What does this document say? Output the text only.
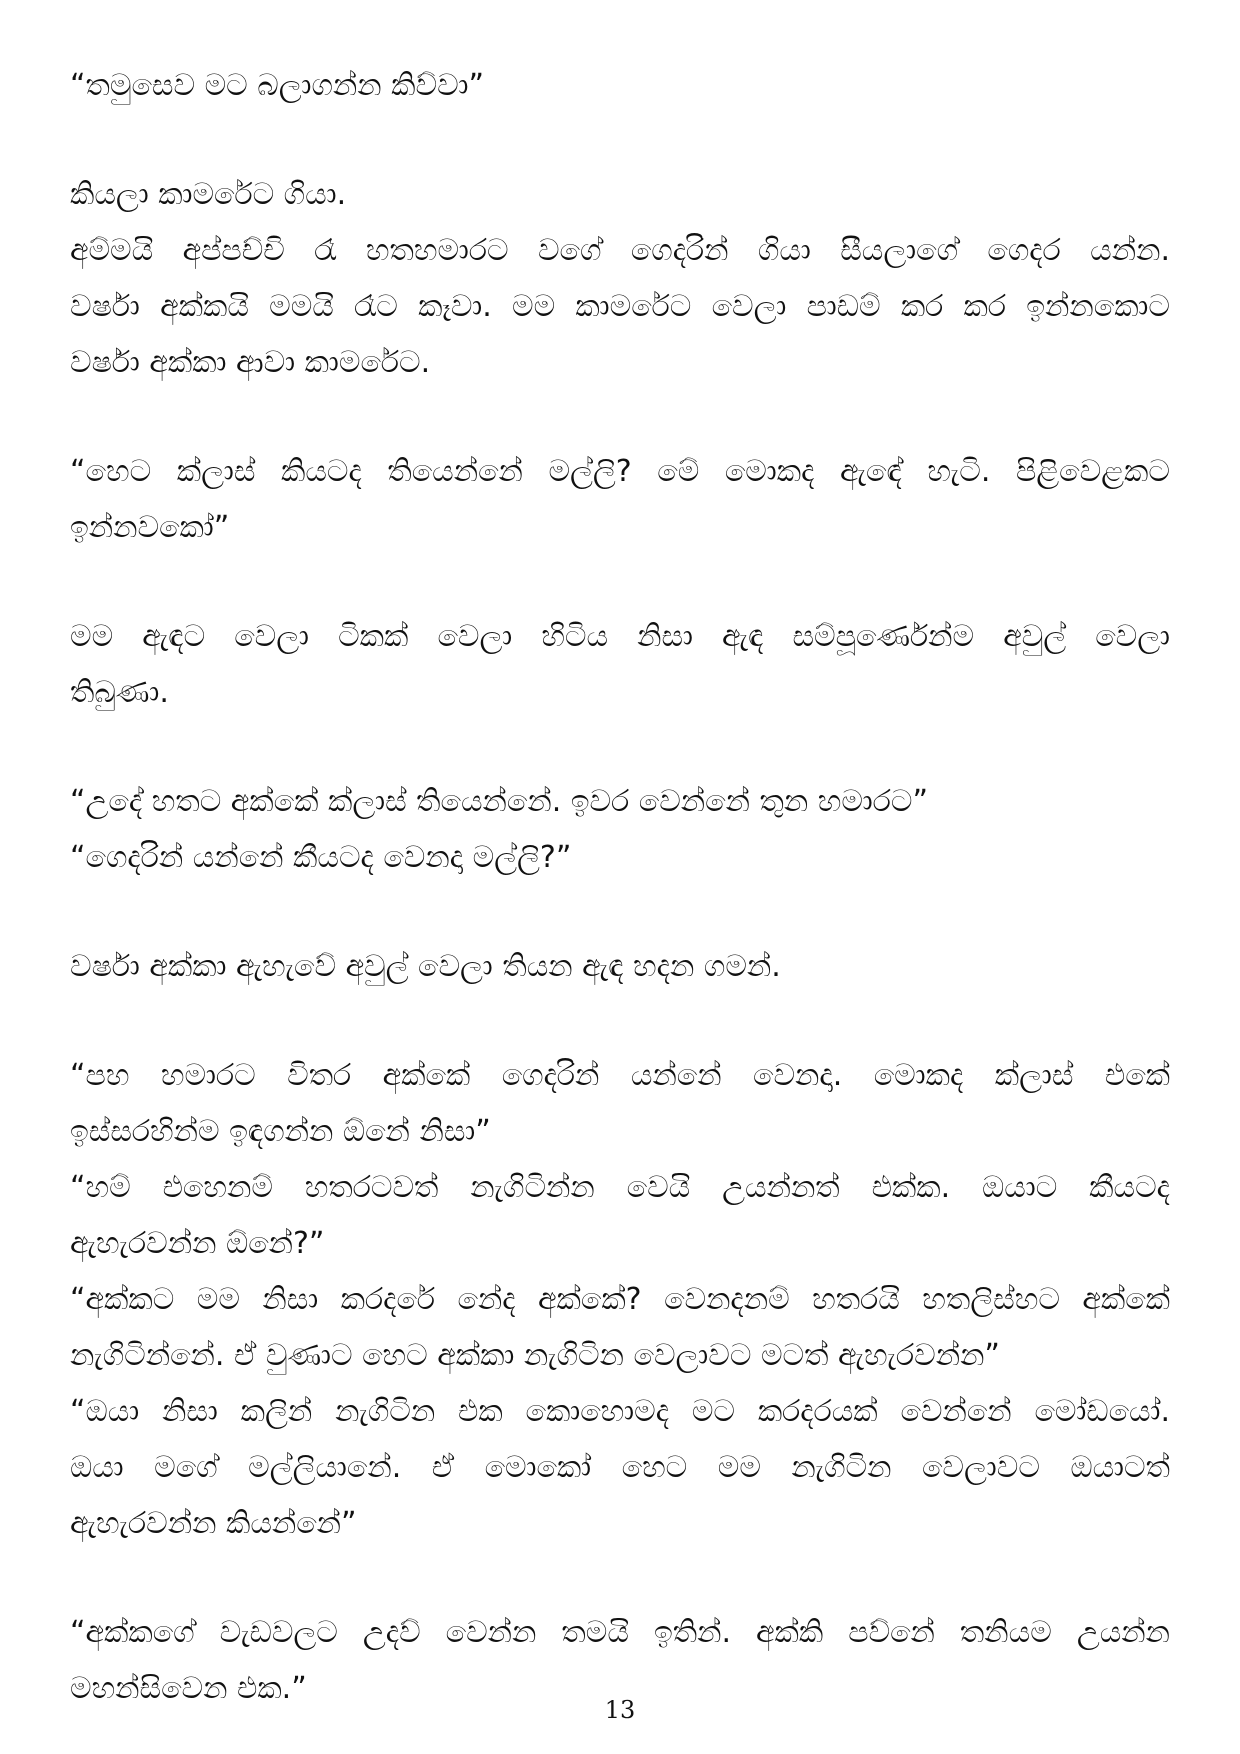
“තමුසෙව මට බලාගන්න කිව්වා”
කියලා කාමරේට ගියා.
අම්මයි අප්පච්චි රෑ හතහමාරට වගේ ගෙදරින් ගියා සීයලාගේ ගෙදර යන්න.
වර්ෂා අක්කයි මමයි රෑට කෑවා. මම කාමරේට වෙලා පාඩම් කර කර ඉන්නකොට
වර්ෂා අක්කා ආවා කාමරේට.
“හෙට ක්ලාස් කියටද තියෙන්නේ මල්ලි? මේ මොකද ඇඳේ හැටි. පිළිවෙළකට
ඉන්නවකෝ”
මම ඇඳට වෙලා ටිකක් වෙලා හිටිය නිසා ඇඳ සම්පූර්ණෙන්ම අවුල් වෙලා
තිබුණා.
“උදේ හතට අක්කේ ක්ලාස් තියෙන්නේ. ඉවර වෙන්නේ තුන හමාරට”
“ගෙදරින් යන්නේ කීයටද වෙනදා මල්ලි?”
වර්ෂා අක්කා ඇහැවේ අවුල් වෙලා තියන ඇඳ හදන ගමන්.
“පහ හමාරට විතර අක්කේ ගෙදරින් යන්නේ වෙනදා. මොකද ක්ලාස් එකේ
ඉස්සරහින්ම ඉඳගන්න ඕනේ නිසා”
“හම් එහෙනම් හතරටවත් නැගිටින්න වෙයි උයන්නත් එක්ක. ඔයාට කීයටද
ඇහැරවන්න ඕනේ?”
“අක්කට මම නිසා කරදරේ නේද අක්කේ? වෙනදනම් හතරයි හතලිස්හට අක්කේ
නැගිටින්නේ. ඒ වුණාට හෙට අක්කා නැගිටින වෙලාවට මටත් ඇහැරවන්න”
“ඔයා නිසා කලින් නැගිටින එක කොහොමද මට කරදරයක් වෙන්නේ මෝඩයෝ.
ඔයා මගේ මල්ලියානේ. ඒ මොකෝ හෙට මම නැගිටින වෙලාවට ඔයාටත්
ඇහැරවන්න කියන්නේ”
“අක්කගේ වැඩවලට උදව් වෙන්න තමයි ඉතින්. අක්කි පව්නේ තනියම උයන්න
මහන්සිවෙන එක.”
13
